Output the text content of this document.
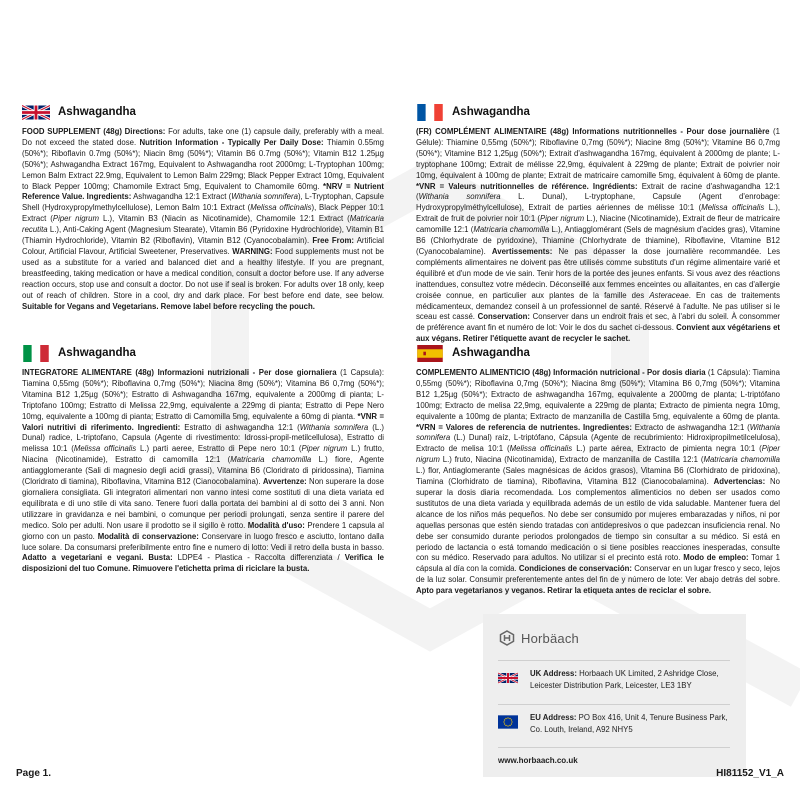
Ashwagandha
FOOD SUPPLEMENT (48g) Directions: For adults, take one (1) capsule daily, preferably with a meal. Do not exceed the stated dose. Nutrition Information - Typically Per Daily Dose: Thiamin 0.55mg (50%*); Riboflavin 0.7mg (50%*); Niacin 8mg (50%*); Vitamin B6 0.7mg (50%*); Vitamin B12 1.25µg (50%*); Ashwagandha Extract 167mg, Equivalent to Ashwagandha root 2000mg; L-Tryptophan 100mg; Lemon Balm Extract 22.9mg, Equivalent to Lemon Balm 229mg; Black Pepper Extract 10mg, Equivalent to Black Pepper 100mg; Chamomile Extract 5mg, Equivalent to Chamomile 60mg. *NRV = Nutrient Reference Value. Ingredients: Ashwagandha 12:1 Extract (Withania somnifera), L-Tryptophan, Capsule Shell (Hydroxypropylmethylcellulose), Lemon Balm 10:1 Extract (Melissa officinalis), Black Pepper 10:1 Extract (Piper nigrum L.), Vitamin B3 (Niacin as Nicotinamide), Chamomile 12:1 Extract (Matricaria recutita L.), Anti-Caking Agent (Magnesium Stearate), Vitamin B6 (Pyridoxine Hydrochloride), Vitamin B1 (Thiamin Hydrochloride), Vitamin B2 (Riboflavin), Vitamin B12 (Cyanocobalamin). Free From: Artificial Colour, Artificial Flavour, Artificial Sweetener, Preservatives. WARNING: Food supplements must not be used as a substitute for a varied and balanced diet and a healthy lifestyle. If you are pregnant, breastfeeding, taking medication or have a medical condition, consult a doctor before use. If any adverse reaction occurs, stop use and consult a doctor. Do not use if seal is broken. For adults over 18 only, keep out of reach of children. Store in a cool, dry and dark place. For best before end date, see below. Suitable for Vegans and Vegetarians. Remove label before recycling the pouch.
Ashwagandha
(FR) COMPLÉMENT ALIMENTAIRE (48g) Informations nutritionnelles - Pour dose journalière (1 Gélule): Thiamine 0,55mg (50%*); Riboflavine 0,7mg (50%*); Niacine 8mg (50%*); Vitamine B6 0,7mg (50%*); Vitamine B12 1,25µg (50%*); Extrait d'ashwagandha 167mg, équivalent à 2000mg de plante; L-tryptophane 100mg; Extrait de mélisse 22,9mg, équivalent à 229mg de plante; Extrait de poivrier noir 10mg, équivalent à 100mg de plante; Extrait de matricaire camomille 5mg, équivalent à 60mg de plante. *VNR = Valeurs nutritionnelles de référence. Ingrédients: Extrait de racine d'ashwagandha 12:1 (Withania somnifera L. Dunal), L-tryptophane, Capsule (Agent d'enrobage: Hydroxypropylméthylcellulose), Extrait de parties aériennes de mélisse 10:1 (Melissa officinalis L.), Extrait de fruit de poivrier noir 10:1 (Piper nigrum L.), Niacine (Nicotinamide), Extrait de fleur de matricaire camomille 12:1 (Matricaria chamomilla L.), Antiagglomérant (Sels de magnésium d'acides gras), Vitamine B6 (Chlorhydrate de pyridoxine), Thiamine (Chlorhydrate de thiamine), Riboflavine, Vitamine B12 (Cyanocobalamine). Avertissements: Ne pas dépasser la dose journalière recommandée. Les compléments alimentaires ne doivent pas être utilisés comme substituts d'un régime alimentaire varié et équilibré et d'un mode de vie sain. Tenir hors de la portée des jeunes enfants. Si vous avez des réactions inattendues, consultez votre médecin. Déconseillé aux femmes enceintes ou allaitantes, en cas d'allergie croisée connue, en particulier aux plantes de la famille des Asteraceae. En cas de traitements médicamenteux, demandez conseil à un professionnel de santé. Réservé à l'adulte. Ne pas utiliser si le sceau est cassé. Conservation: Conserver dans un endroit frais et sec, à l'abri du soleil. À consommer de préférence avant fin et numéro de lot: Voir le dos du sachet ci-dessous. Convient aux végétariens et aux végans. Retirer l'étiquette avant de recycler le sachet.
Ashwagandha
INTEGRATORE ALIMENTARE (48g) Informazioni nutrizionali - Per dose giornaliera (1 Capsula): Tiamina 0,55mg (50%*); Riboflavina 0,7mg (50%*); Niacina 8mg (50%*); Vitamina B6 0,7mg (50%*); Vitamina B12 1,25µg (50%*); Estratto di Ashwagandha 167mg, equivalente a 2000mg di pianta; L-Triptofano 100mg; Estratto di Melissa 22,9mg, equivalente a 229mg di pianta; Estratto di Pepe Nero 10mg, equivalente a 100mg di pianta; Estratto di Camomilla 5mg, equivalente a 60mg di pianta. *VNR = Valori nutritivi di riferimento. Ingredienti: Estratto di ashwagandha 12:1 (Withania somnifera (L.) Dunal) radice, L-triptofano, Capsula (Agente di rivestimento: Idrossi-propil-metilcellulosa), Estratto di melissa 10:1 (Melissa officinalis L.) parti aeree, Estratto di Pepe nero 10:1 (Piper nigrum L.) frutto, Niacina (Nicotinamide), Estratto di camomilla 12:1 (Matricaria chamomilla L.) fiore, Agente antiagglomerante (Sali di magnesio degli acidi grassi), Vitamina B6 (Cloridrato di piridossina), Tiamina (Cloridrato di tiamina), Riboflavina, Vitamina B12 (Cianocobalamina). Avvertenze: Non superare la dose giornaliera consigliata. Gli integratori alimentari non vanno intesi come sostituti di una dieta variata ed equilibrata e di uno stile di vita sano. Tenere fuori dalla portata dei bambini al di sotto dei 3 anni. Non utilizzare in gravidanza e nei bambini, o comunque per periodi prolungati, senza sentire il parere del medico. Solo per adulti. Non usare il prodotto se il sigillo è rotto. Modalità d'uso: Prendere 1 capsula al giorno con un pasto. Modalità di conservazione: Conservare in luogo fresco e asciutto, lontano dalla luce solare. Da consumarsi preferibilmente entro fine e numero di lotto: Vedi il retro della busta in basso. Adatto a vegetariani e vegani. Busta: LDPE4 - Plastica - Raccolta differenziata / Verifica le disposizioni del tuo Comune. Rimuovere l'etichetta prima di riciclare la busta.
Ashwagandha
COMPLEMENTO ALIMENTICIO (48g) Información nutricional - Por dosis diaria (1 Cápsula): Tiamina 0,55mg (50%*); Riboflavina 0,7mg (50%*); Niacina 8mg (50%*); Vitamina B6 0,7mg (50%*); Vitamina B12 1,25µg (50%*); Extracto de ashwagandha 167mg, equivalente a 2000mg de planta; L-triptófano 100mg; Extracto de melisa 22,9mg, equivalente a 229mg de planta; Extracto de pimienta negra 10mg, equivalente a 100mg de planta; Extracto de manzanilla de Castilla 5mg, equivalente a 60mg de planta. *VRN = Valores de referencia de nutrientes. Ingredientes: Extracto de ashwagandha 12:1 (Withania somnifera (L.) Dunal) raíz, L-triptófano, Cápsula (Agente de recubrimiento: Hidroxipropilmetilcelulosa), Extracto de melisa 10:1 (Melissa officinalis L.) parte aérea, Extracto de pimienta negra 10:1 (Piper nigrum L.) fruto, Niacina (Nicotinamida), Extracto de manzanilla de Castilla 12:1 (Matricaria chamomilla L.) flor, Antiaglomerante (Sales magnésicas de ácidos grasos), Vitamina B6 (Clorhidrato de piridoxina), Tiamina (Clorhidrato de tiamina), Riboflavina, Vitamina B12 (Cianocobalamina). Advertencias: No superar la dosis diaria recomendada. Los complementos alimenticios no deben ser usados como sustitutos de una dieta variada y equilibrada además de un estilo de vida saludable. Mantener fuera del alcance de los niños más pequeños. No debe ser consumido por mujeres embarazadas y niños, ni por aquellas personas que estén siendo tratadas con antidepresivos o que padezcan insuficiencia renal. No debe ser consumido durante periodos prolongados de tiempo sin consultar a su médico. Si está en periodo de lactancia o está tomando medicación o si tiene posibles reacciones inesperadas, consulte con su médico. Reservado para adultos. No utilizar si el precinto está roto. Modo de empleo: Tomar 1 cápsula al día con la comida. Condiciones de conservación: Conservar en un lugar fresco y seco, lejos de la luz solar. Consumir preferentemente antes del fin de y número de lote: Ver abajo detrás del sobre. Apto para vegetarianos y veganos. Retirar la etiqueta antes de reciclar el sobre.
Horbäach
UK Address: Horbaach UK Limited, 2 Ashridge Close, Leicester Distribution Park, Leicester, LE3 1BY
EU Address: PO Box 416, Unit 4, Tenure Business Park, Co. Louth, Ireland, A92 NHY5
www.horbaach.co.uk
Page 1.	HI81152_V1_A
